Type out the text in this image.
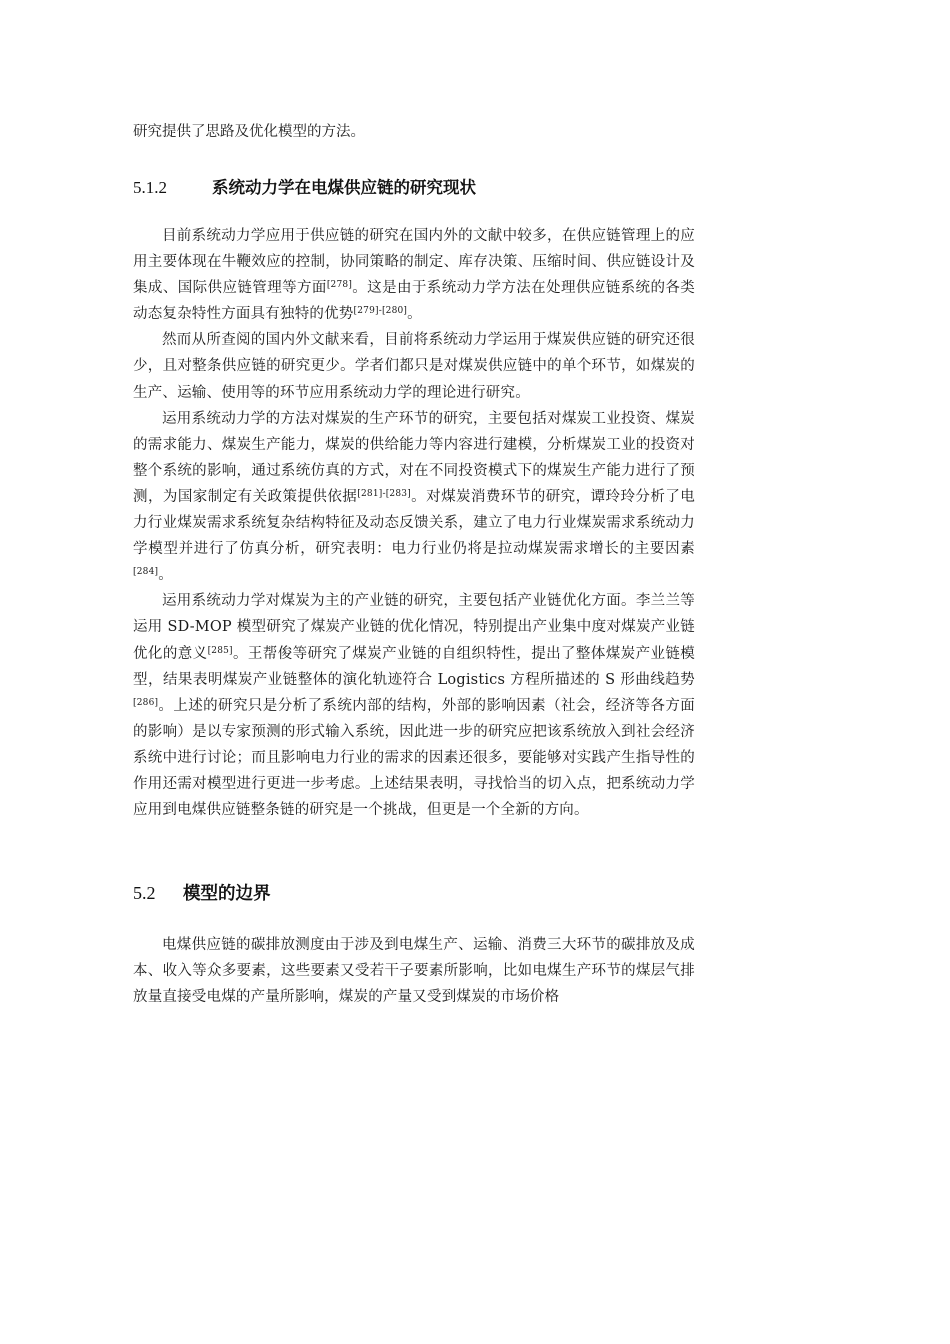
研究提供了思路及优化模型的方法。

5.1.2	系统动力学在电煤供应链的研究现状

目前系统动力学应用于供应链的研究在国内外的文献中较多，在供应链管理上的应用主要体现在牛鞭效应的控制，协同策略的制定、库存决策、压缩时间、供应链设计及集成、国际供应链管理等方面[278]。这是由于系统动力学方法在处理供应链系统的各类动态复杂特性方面具有独特的优势[279]-[280]。

然而从所查阅的国内外文献来看，目前将系统动力学运用于煤炭供应链的研究还很少，且对整条供应链的研究更少。学者们都只是对煤炭供应链中的单个环节，如煤炭的生产、运输、使用等的环节应用系统动力学的理论进行研究。

运用系统动力学的方法对煤炭的生产环节的研究，主要包括对煤炭工业投资、煤炭的需求能力、煤炭生产能力，煤炭的供给能力等内容进行建模，分析煤炭工业的投资对整个系统的影响，通过系统仿真的方式，对在不同投资模式下的煤炭生产能力进行了预测，为国家制定有关政策提供依据[281]-[283]。对煤炭消费环节的研究，谭玲玲分析了电力行业煤炭需求系统复杂结构特征及动态反馈关系，建立了电力行业煤炭需求系统动力学模型并进行了仿真分析，研究表明：电力行业仍将是拉动煤炭需求增长的主要因素[284]。

运用系统动力学对煤炭为主的产业链的研究，主要包括产业链优化方面。李兰兰等运用 SD-MOP 模型研究了煤炭产业链的优化情况，特别提出产业集中度对煤炭产业链优化的意义[285]。王帮俊等研究了煤炭产业链的自组织特性，提出了整体煤炭产业链模型，结果表明煤炭产业链整体的演化轨迹符合 Logistics 方程所描述的 S 形曲线趋势[286]。上述的研究只是分析了系统内部的结构，外部的影响因素（社会，经济等各方面的影响）是以专家预测的形式输入系统，因此进一步的研究应把该系统放入到社会经济系统中进行讨论；而且影响电力行业的需求的因素还很多，要能够对实践产生指导性的作用还需对模型进行更进一步考虑。上述结果表明，寻找恰当的切入点，把系统动力学应用到电煤供应链整条链的研究是一个挑战，但更是一个全新的方向。

5.2 模型的边界

电煤供应链的碳排放测度由于涉及到电煤生产、运输、消费三大环节的碳排放及成本、收入等众多要素，这些要素又受若干子要素所影响，比如电煤生产环节的煤层气排放量直接受电煤的产量所影响，煤炭的产量又受到煤炭的市场价格
